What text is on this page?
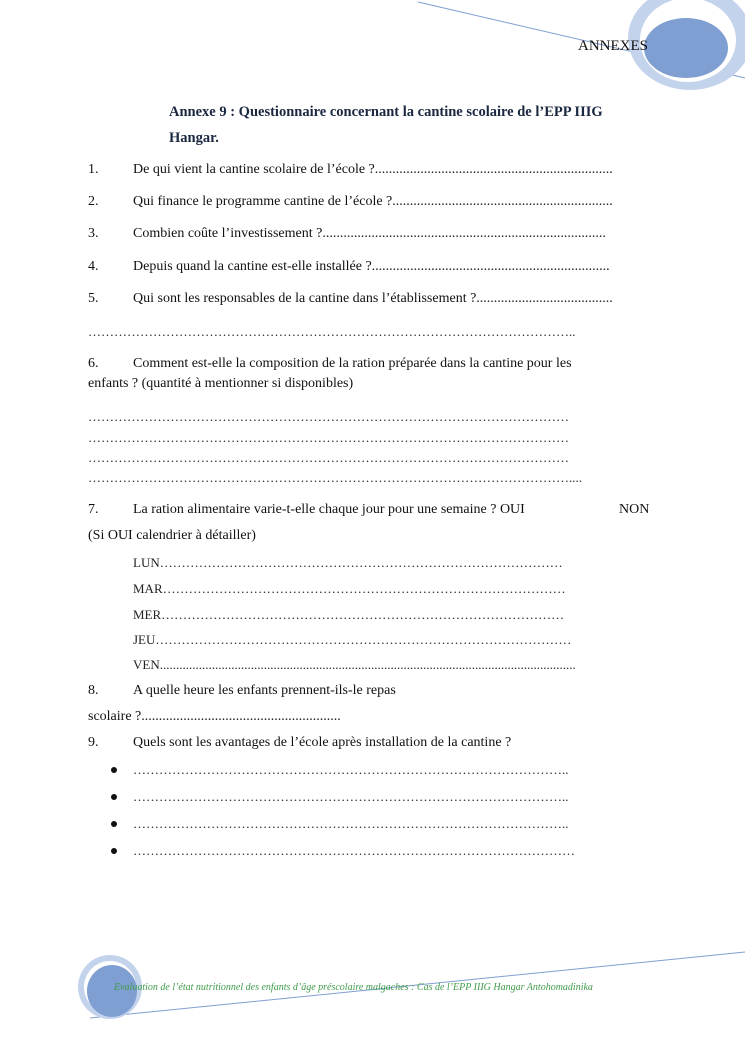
ANNEXES
Annexe 9 : Questionnaire concernant la cantine scolaire de l’EPP IIIG
Hangar.
1. De qui vient la cantine scolaire de l’école ?....................................................................
2. Qui finance le programme cantine de l’école ?...............................................................
3. Combien coûte l’investissement ?.................................................................................
4. Depuis quand la cantine est-elle installée ?....................................................................
5. Qui sont les responsables de la cantine dans l’établissement ?.......................................
…………………………………………………………………………………………………..
6. Comment est-elle la composition de la ration préparée dans la cantine pour les
enfants ? (quantité à mentionner si disponibles)
…………………………………………………………………………………………………
…………………………………………………………………………………………………
…………………………………………………………………………………………………
…………………………………………………………………………………………………....
7. La ration alimentaire varie-t-elle chaque jour pour une semaine ? OUI	NON
(Si OUI calendrier à détailler)
LUN…………………………………………………………………………………
MAR…………………………………………………………………………………
MER…………………………………………………………………………………
JEU……………………………………………………………………………………
VEN................................................................................................................................
8. A quelle heure les enfants prennent-ils-le repas
scolaire ?.........................................................
9. Quels sont les avantages de l’école après installation de la cantine ?
………………………………………………………………………………………..
………………………………………………………………………………………..
………………………………………………………………………………………..
…………………………………………………………………………………………
Evaluation de l’état nutritionnel des enfants d’âge préscolaire malgaches : Cas de l’EPP IIIG Hangar Antohomadinika
